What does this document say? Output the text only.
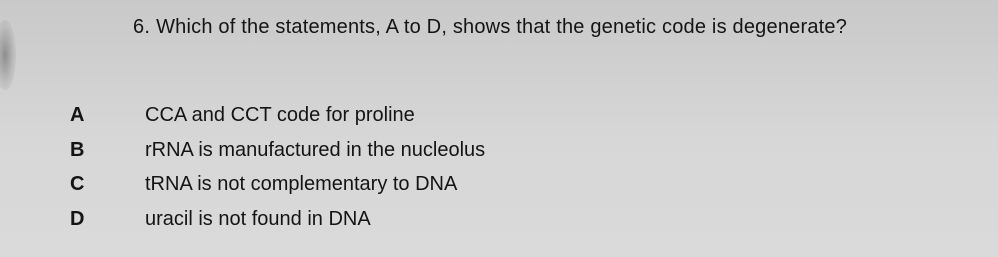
6. Which of the statements, A to D, shows that the genetic code is degenerate?
A	CCA and CCT code for proline
B	rRNA is manufactured in the nucleolus
C	tRNA is not complementary to DNA
D	uracil is not found in DNA
